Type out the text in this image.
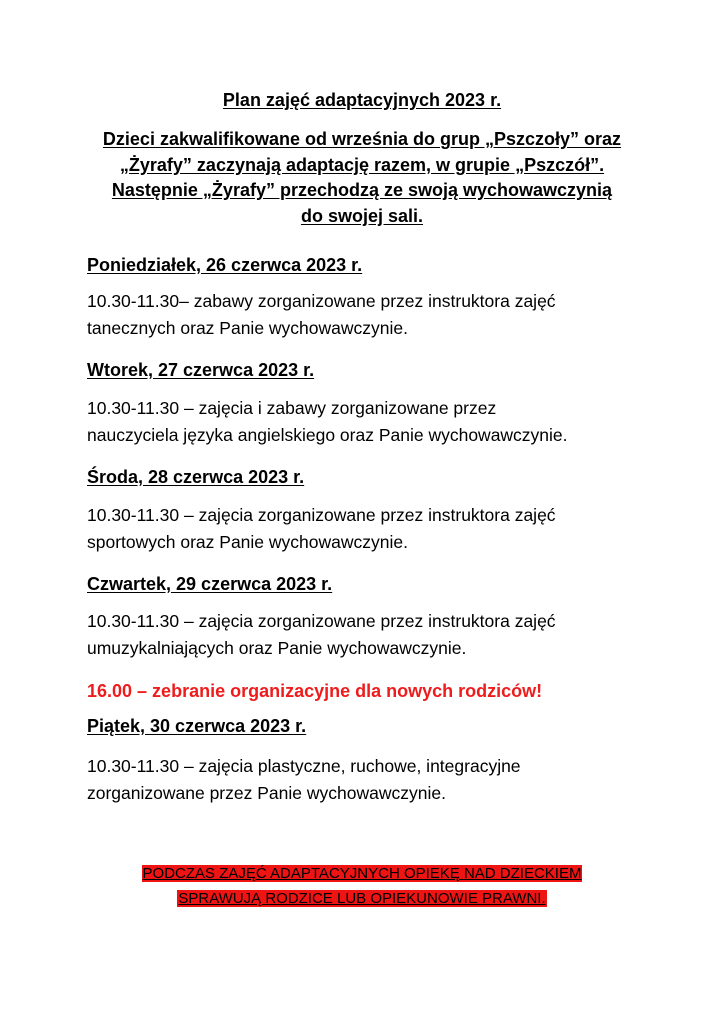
Plan zajęć adaptacyjnych 2023 r.
Dzieci zakwalifikowane od września do grup „Pszczoły” oraz
„Żyrafy” zaczynają adaptację razem, w grupie „Pszczół”.
Następnie „Żyrafy” przechodzą ze swoją wychowawczynią
do swojej sali.
Poniedziałek, 26 czerwca 2023 r.
10.30-11.30– zabawy zorganizowane przez instruktora zajęć
tanecznych oraz Panie wychowawczynie.
Wtorek, 27 czerwca 2023 r.
10.30-11.30 – zajęcia i zabawy zorganizowane przez
nauczyciela języka angielskiego oraz Panie wychowawczynie.
Środa, 28 czerwca 2023 r.
10.30-11.30 – zajęcia zorganizowane przez instruktora zajęć
sportowych oraz Panie wychowawczynie.
Czwartek, 29 czerwca 2023 r.
10.30-11.30 – zajęcia zorganizowane przez instruktora zajęć
umuzykalniających oraz Panie wychowawczynie.
16.00 – zebranie organizacyjne dla nowych rodziców!
Piątek, 30 czerwca 2023 r.
10.30-11.30 – zajęcia plastyczne, ruchowe, integracyjne
zorganizowane przez Panie wychowawczynie.
PODCZAS ZAJĘĆ ADAPTACYJNYCH OPIEKĘ NAD DZIECKIEM
SPRAWUJĄ RODZICE LUB OPIEKUNOWIE PRAWNI.
